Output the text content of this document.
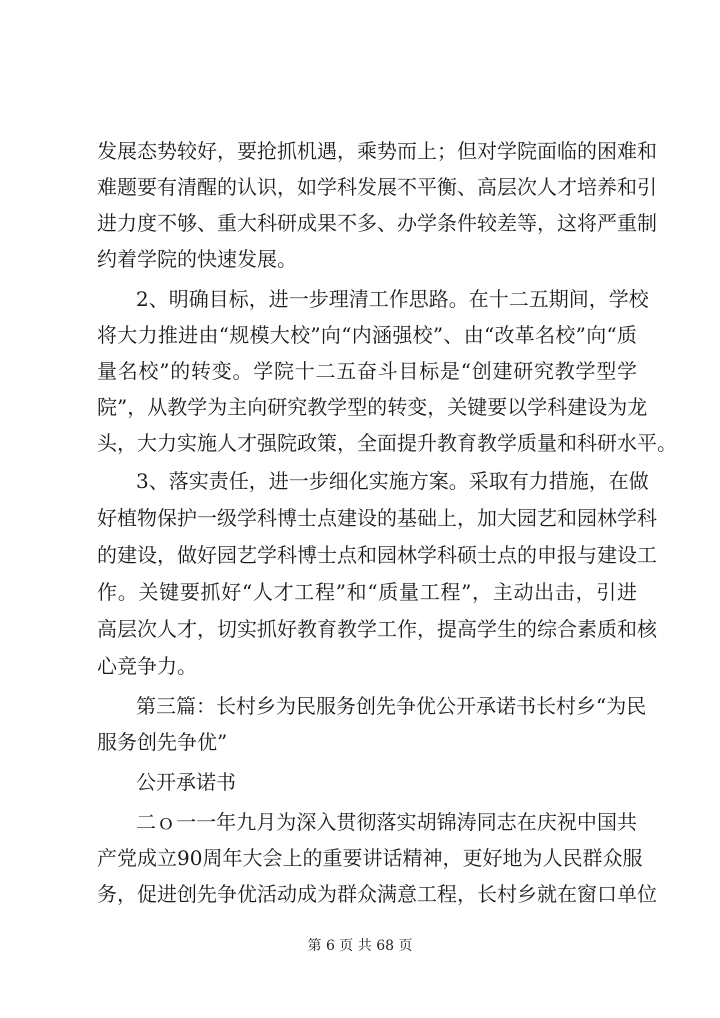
发展态势较好，要抢抓机遇，乘势而上；但对学院面临的困难和
难题要有清醒的认识，如学科发展不平衡、高层次人才培养和引
进力度不够、重大科研成果不多、办学条件较差等，这将严重制
约着学院的快速发展。
2、明确目标，进一步理清工作思路。在十二五期间，学校
将大力推进由“规模大校”向“内涵强校”、由“改革名校”向“质
量名校”的转变。学院十二五奋斗目标是“创建研究教学型学
院”，从教学为主向研究教学型的转变，关键要以学科建设为龙
头，大力实施人才强院政策，全面提升教育教学质量和科研水平。
3、落实责任，进一步细化实施方案。采取有力措施，在做
好植物保护一级学科博士点建设的基础上，加大园艺和园林学科
的建设，做好园艺学科博士点和园林学科硕士点的申报与建设工
作。关键要抓好“人才工程”和“质量工程”，主动出击，引进
高层次人才，切实抓好教育教学工作，提高学生的综合素质和核
心竞争力。
第三篇：长村乡为民服务创先争优公开承诺书长村乡“为民
服务创先争优”
公开承诺书
二ｏ一一年九月为深入贯彻落实胡锦涛同志在庆祝中国共
产党成立90周年大会上的重要讲话精神，更好地为人民群众服
务，促进创先争优活动成为群众满意工程，长村乡就在窗口单位
第 6 页 共 68 页
